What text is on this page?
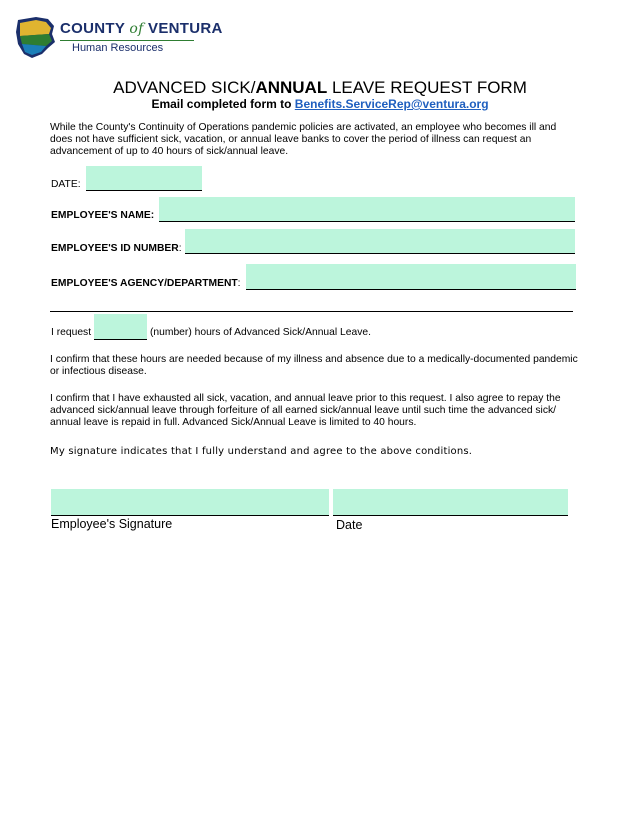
COUNTY of VENTURA
Human Resources
ADVANCED SICK/ANNUAL LEAVE REQUEST FORM
Email completed form to Benefits.ServiceRep@ventura.org
While the County's Continuity of Operations pandemic policies are activated, an employee who becomes ill and does not have sufficient sick, vacation, or annual leave banks to cover the period of illness can request an advancement of up to 40 hours of sick/annual leave.
DATE:
EMPLOYEE'S NAME:
EMPLOYEE'S ID NUMBER:
EMPLOYEE'S AGENCY/DEPARTMENT:
I request	(number) hours of Advanced Sick/Annual Leave.
I confirm that these hours are needed because of my illness and absence due to a medically-documented pandemic or infectious disease.
I confirm that I have exhausted all sick, vacation, and annual leave prior to this request. I also agree to repay the advanced sick/annual leave through forfeiture of all earned sick/annual leave until such time the advanced sick/ annual leave is repaid in full. Advanced Sick/Annual Leave is limited to 40 hours.
My signature indicates that I fully understand and agree to the above conditions.
Employee's Signature	Date
